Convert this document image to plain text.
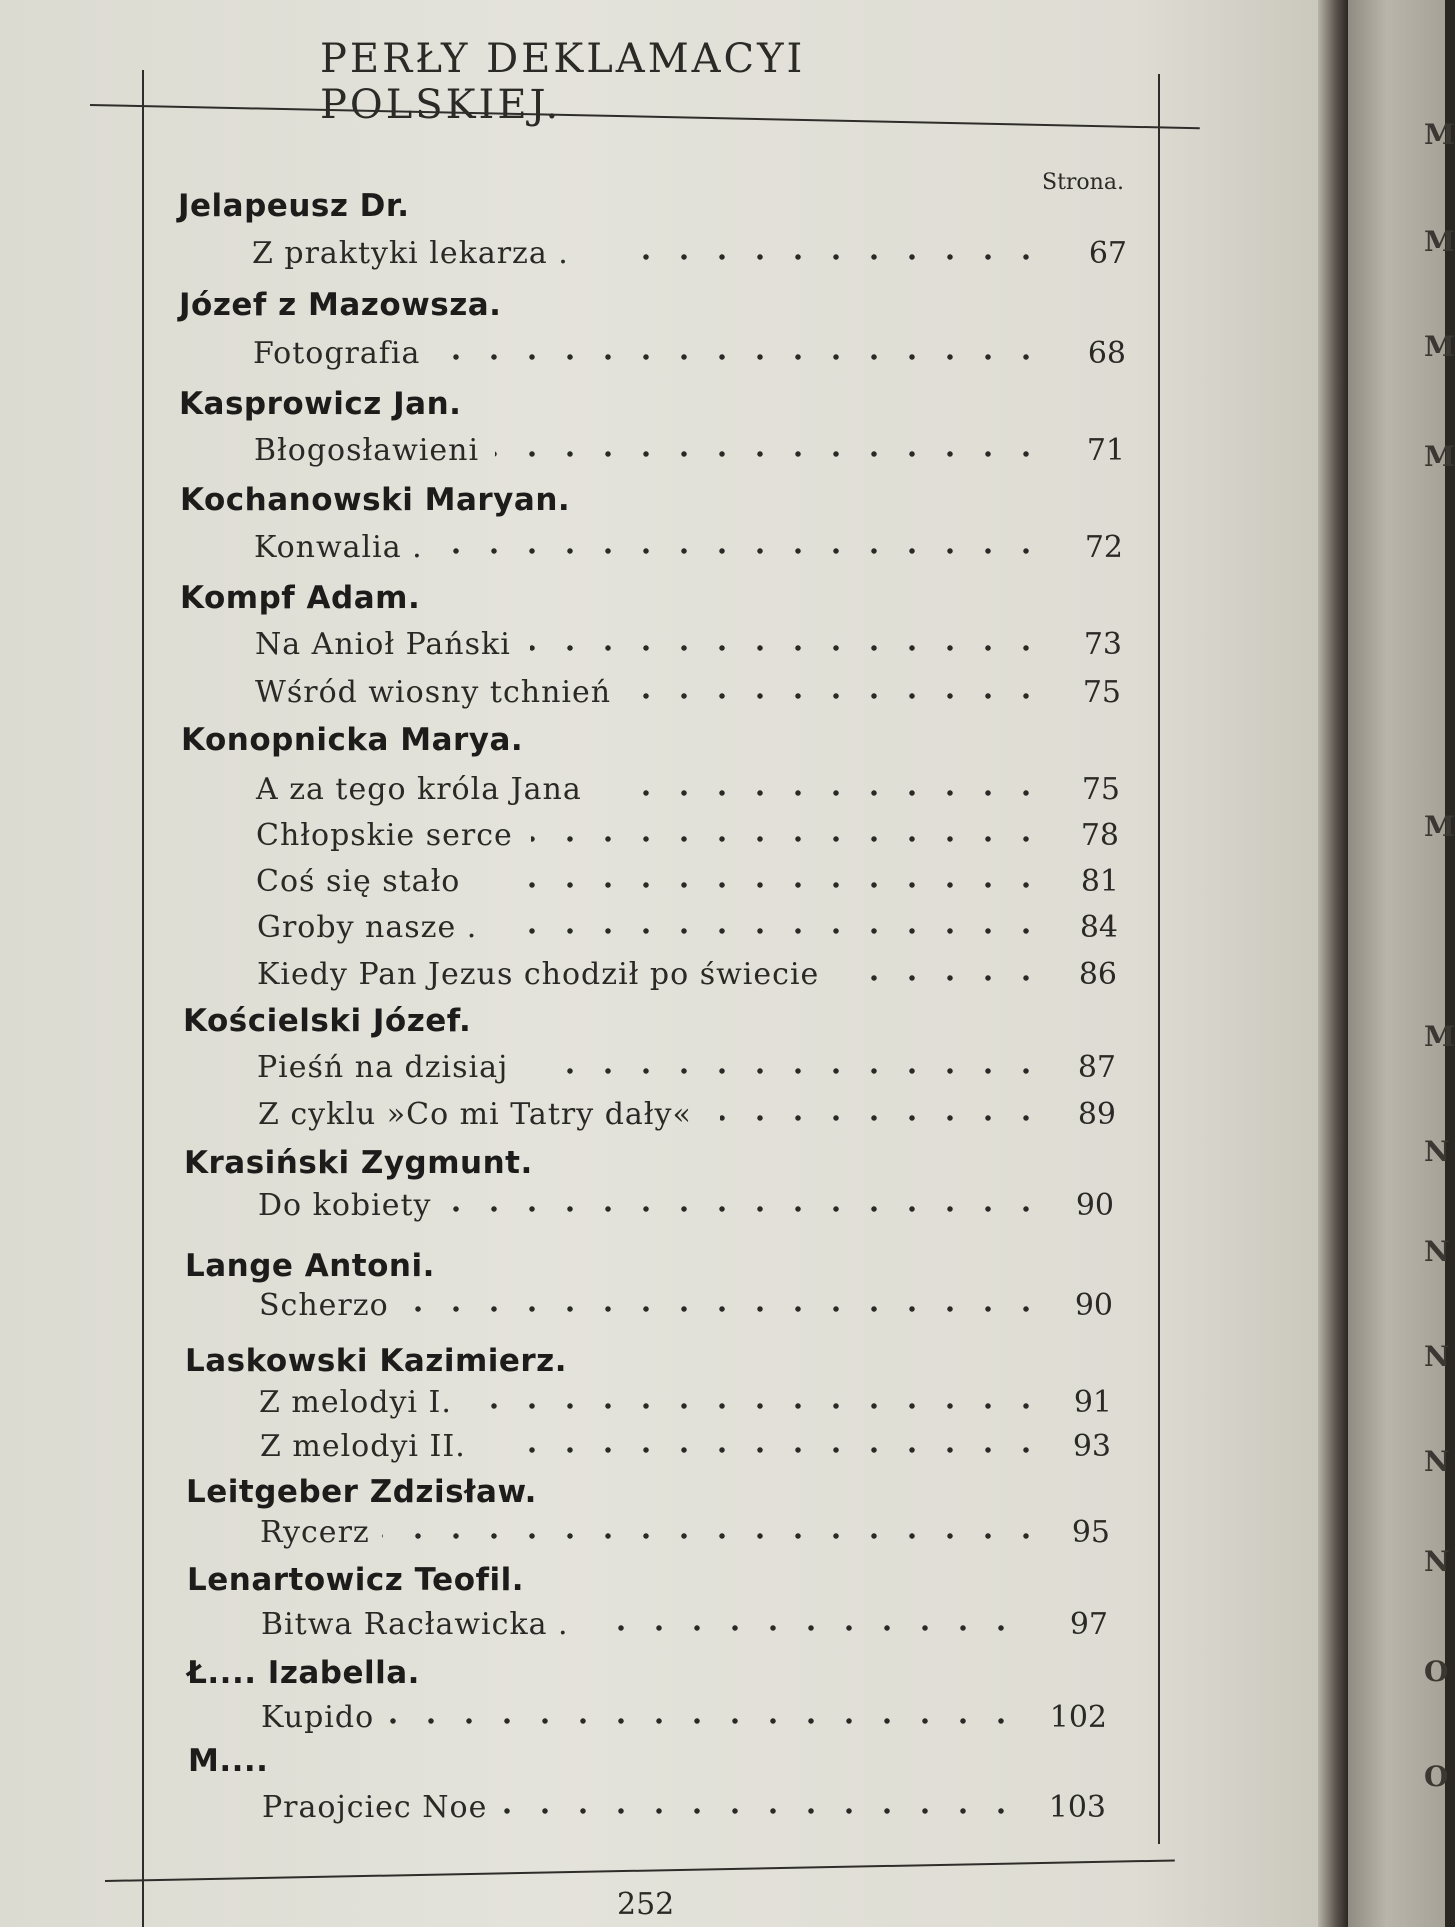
PERŁY DEKLAMACYI POLSKIEJ.
Strona.
Jelapeusz Dr.
Z praktyki lekarza .	67
Józef z Mazowsza.
Fotografia	68
Kasprowicz Jan.
Błogosławieni	71
Kochanowski Maryan.
Konwalia .	72
Kompf Adam.
Na Anioł Pański	73
Wśród wiosny tchnień	75
Konopnicka Marya.
A za tego króla Jana	75
Chłopskie serce	78
Coś się stało	81
Groby nasze .	84
Kiedy Pan Jezus chodził po świecie	86
Kościelski Józef.
Pieśń na dzisiaj	87
Z cyklu »Co mi Tatry dały«	89
Krasiński Zygmunt.
Do kobiety	90
Lange Antoni.
Scherzo	90
Laskowski Kazimierz.
Z melodyi I.	91
Z melodyi II.	93
Leitgeber Zdzisław.
Rycerz	95
Lenartowicz Teofil.
Bitwa Racławicka .	97
Ł.... Izabella.
Kupido	102
M....
Praojciec Noe	103
252
M
M
M
M
M
M
N
N
N
N
N
O
O
